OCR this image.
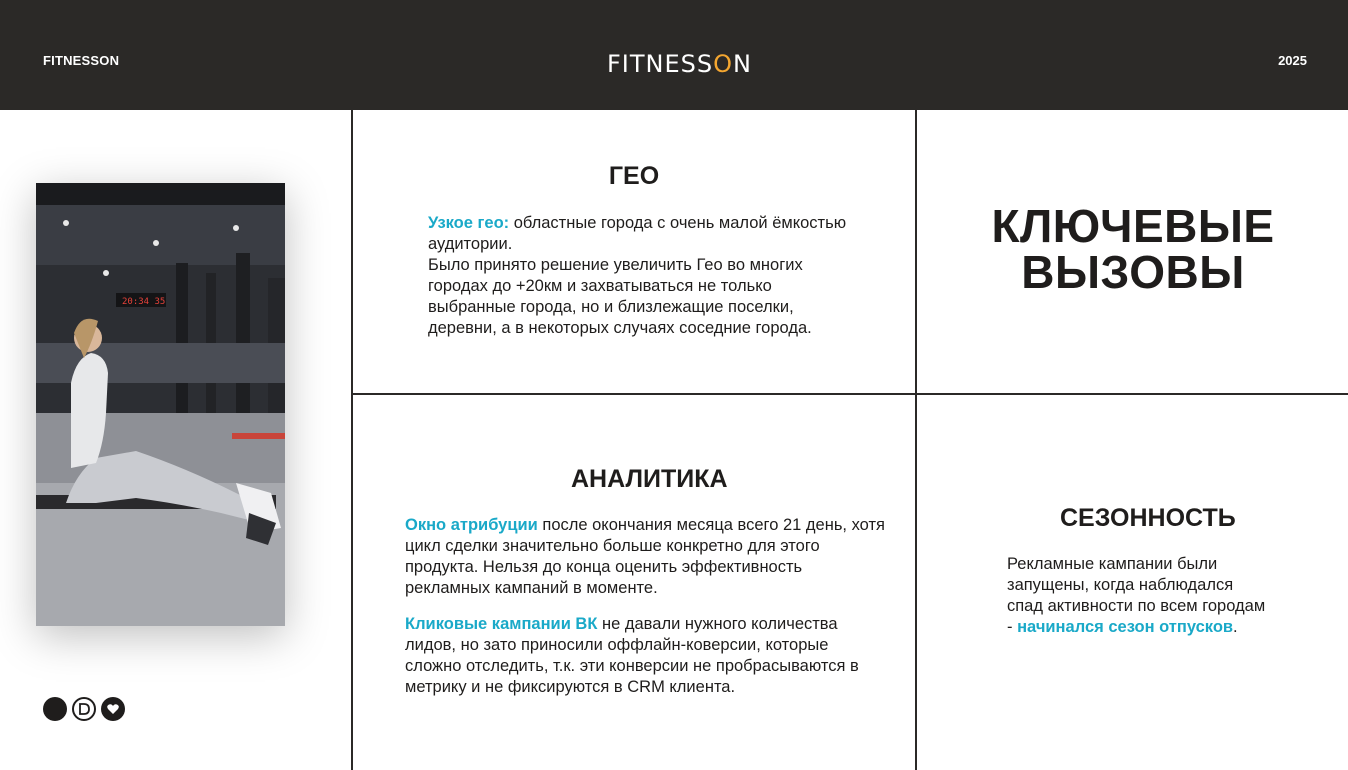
FITNESSON	FITNESSON	2025
20:34 35
ГЕО

Узкое гео: областные города с очень малой ёмкостью аудитории.
Было принято решение увеличить Гео во многих городах до +20км и захватываться не только выбранные города, но и близлежащие поселки, деревни, а в некоторых случаях соседние города.

КЛЮЧЕВЫЕ
ВЫЗОВЫ
АНАЛИТИКА

Окно атрибуции после окончания месяца всего 21 день, хотя цикл сделки значительно больше конкретно для этого продукта. Нельзя до конца оценить эффективность рекламных кампаний в моменте.

Кликовые кампании ВК не давали нужного количества лидов, но зато приносили оффлайн-коверсии, которые сложно отследить, т.к. эти конверсии не пробрасываются в метрику и не фиксируются в CRM клиента.

СЕЗОННОСТЬ

Рекламные кампании были запущены, когда наблюдался спад активности по всем городам - начинался сезон отпусков.
